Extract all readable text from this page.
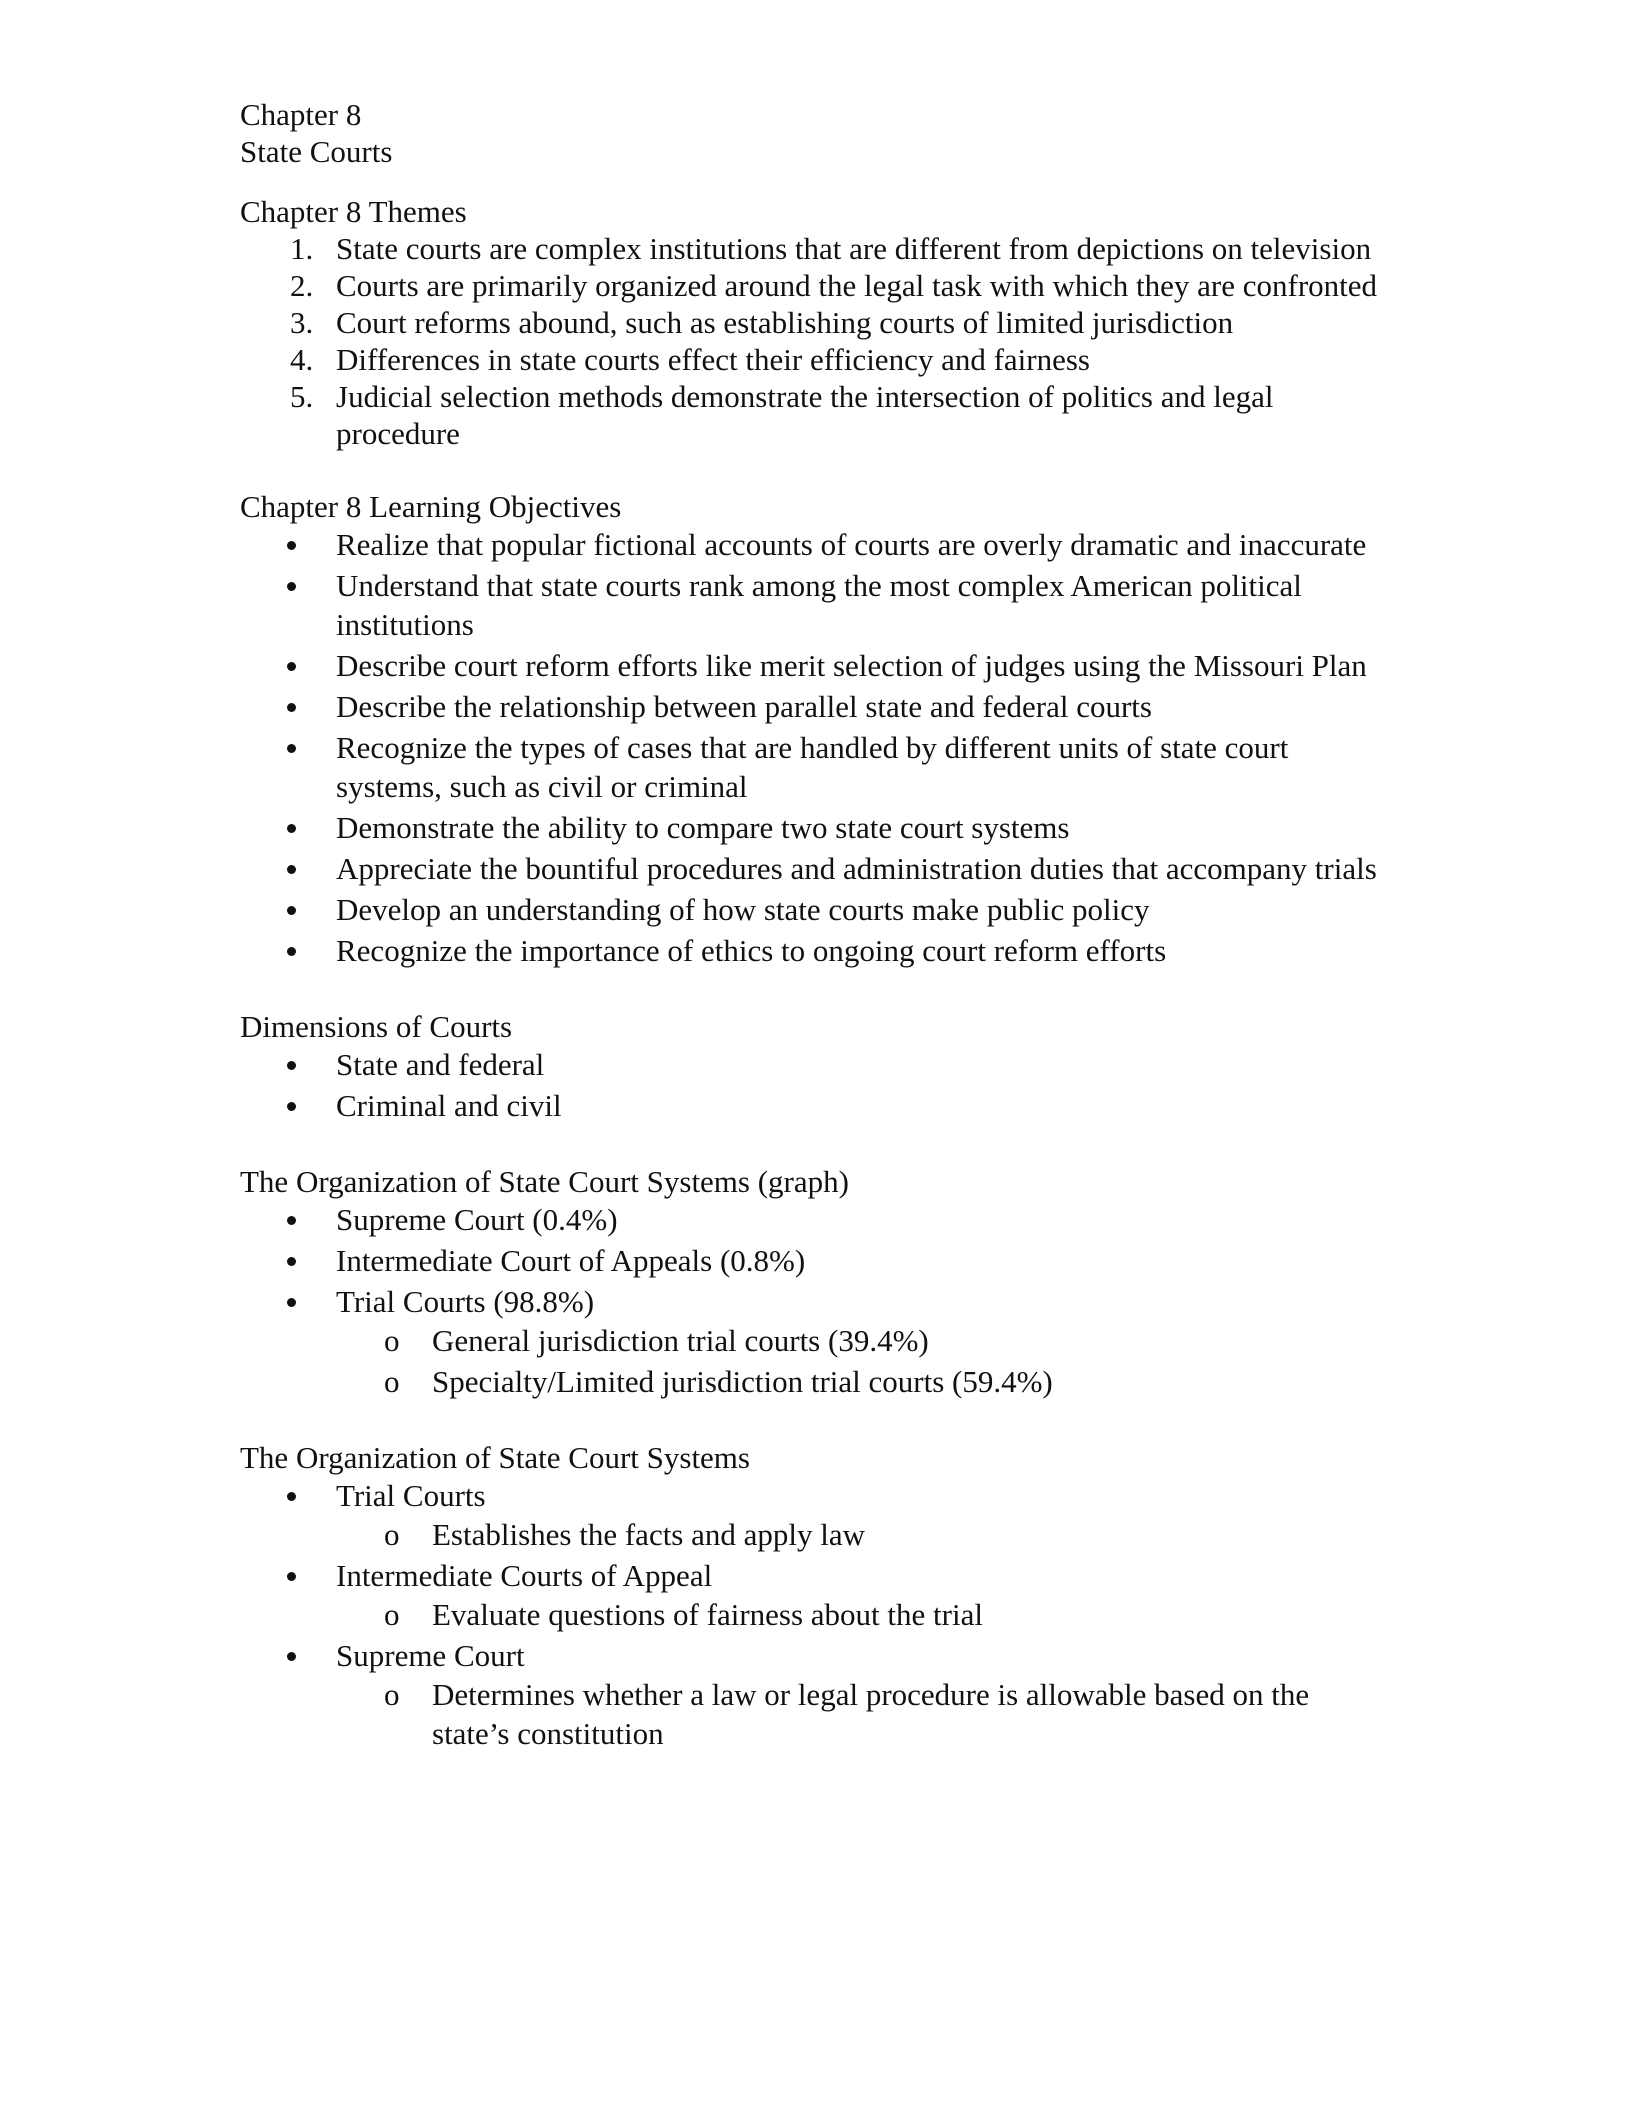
Chapter 8

State Courts

Chapter 8 Themes

1. State courts are complex institutions that are different from depictions on television
2. Courts are primarily organized around the legal task with which they are confronted
3. Court reforms abound, such as establishing courts of limited jurisdiction
4. Differences in state courts effect their efficiency and fairness
5. Judicial selection methods demonstrate the intersection of politics and legal procedure

Chapter 8 Learning Objectives

Realize that popular fictional accounts of courts are overly dramatic and inaccurate
Understand that state courts rank among the most complex American political institutions
Describe court reform efforts like merit selection of judges using the Missouri Plan
Describe the relationship between parallel state and federal courts
Recognize the types of cases that are handled by different units of state court systems, such as civil or criminal
Demonstrate the ability to compare two state court systems
Appreciate the bountiful procedures and administration duties that accompany trials
Develop an understanding of how state courts make public policy
Recognize the importance of ethics to ongoing court reform efforts

Dimensions of Courts

State and federal
Criminal and civil

The Organization of State Court Systems (graph)

Supreme Court (0.4%)
Intermediate Court of Appeals (0.8%)
Trial Courts (98.8%)
o General jurisdiction trial courts (39.4%)
o Specialty/Limited jurisdiction trial courts (59.4%)

The Organization of State Court Systems

Trial Courts
o Establishes the facts and apply law
Intermediate Courts of Appeal
o Evaluate questions of fairness about the trial
Supreme Court
o Determines whether a law or legal procedure is allowable based on the state’s constitution
